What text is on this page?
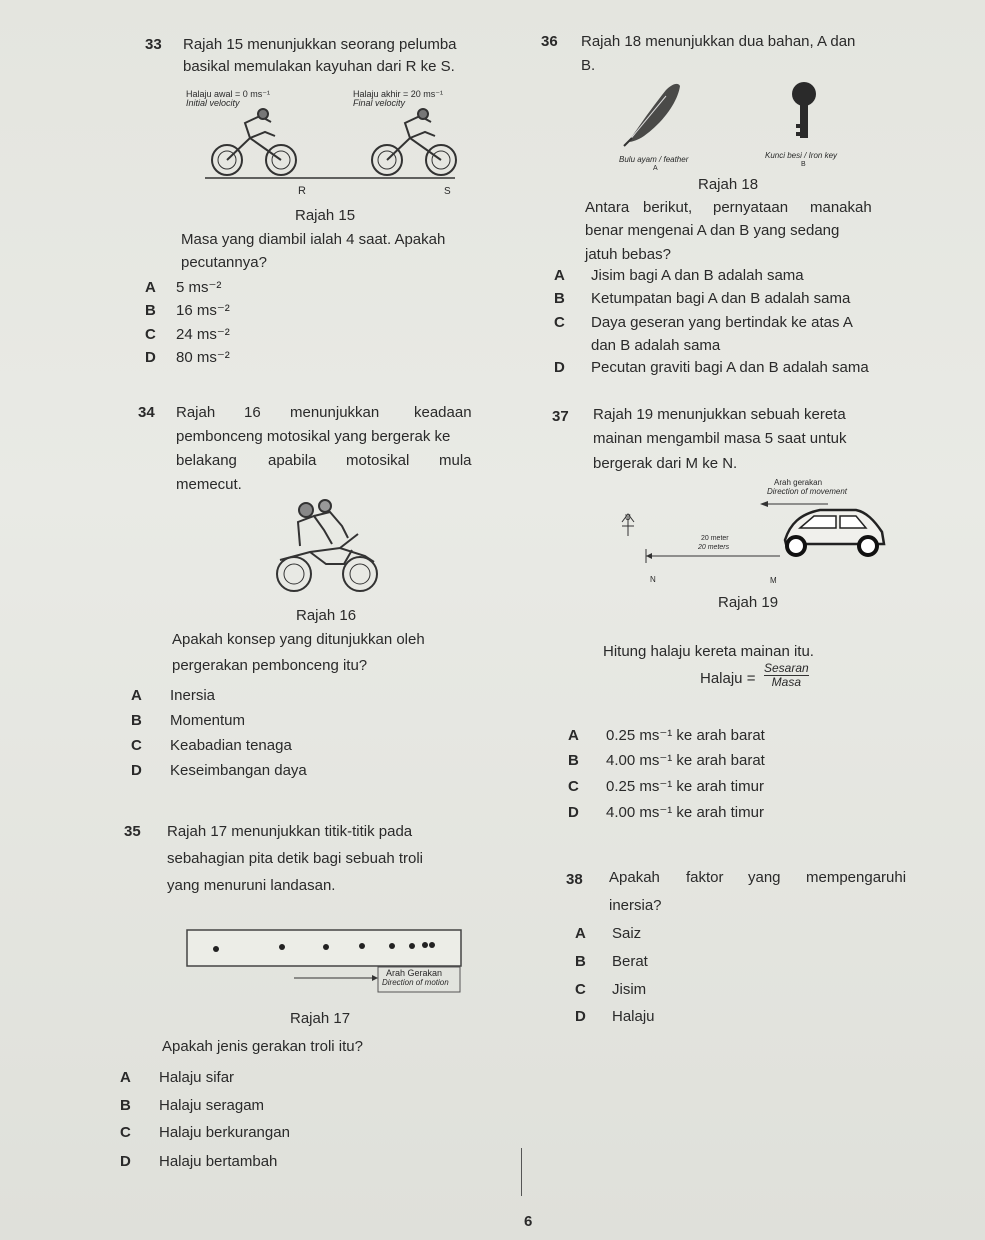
33 Rajah 15 menunjukkan seorang pelumba
basikal memulakan kayuhan dari R ke S.
Halaju awal = 0 ms⁻¹
Initial velocity
Halaju akhir = 20 ms⁻¹
Final velocity
R	S
Rajah 15
Masa yang diambil ialah 4 saat. Apakah
pecutannya?
A 5 ms⁻²
B 16 ms⁻²
C 24 ms⁻²
D 80 ms⁻²
34 Rajah 16 menunjukkan keadaan
pembonceng motosikal yang bergerak ke
belakang apabila motosikal mula
memecut.
Rajah 16
Apakah konsep yang ditunjukkan oleh
pergerakan pembonceng itu?
A Inersia
B Momentum
C Keabadian tenaga
D Keseimbangan daya
35 Rajah 17 menunjukkan titik-titik pada
sebahagian pita detik bagi sebuah troli
yang menuruni landasan.
Arah Gerakan
Direction of motion
Rajah 17
Apakah jenis gerakan troli itu?
A Halaju sifar
B Halaju seragam
C Halaju berkurangan
D Halaju bertambah
36 Rajah 18 menunjukkan dua bahan, A dan
B.
Bulu ayam / feather
A
Kunci besi / Iron key
B
Rajah 18
Antara berikut, pernyataan manakah
benar mengenai A dan B yang sedang
jatuh bebas?
A Jisim bagi A dan B adalah sama
B Ketumpatan bagi A dan B adalah sama
C Daya geseran yang bertindak ke atas A
dan B adalah sama
D Pecutan graviti bagi A dan B adalah sama
37 Rajah 19 menunjukkan sebuah kereta
mainan mengambil masa 5 saat untuk
bergerak dari M ke N.
Arah gerakan
Direction of movement
U
20 meter
20 meters
N	M
Rajah 19
Hitung halaju kereta mainan itu.
Halaju =
Sesaran
Masa
A 0.25 ms⁻¹ ke arah barat
B 4.00 ms⁻¹ ke arah barat
C 0.25 ms⁻¹ ke arah timur
D 4.00 ms⁻¹ ke arah timur
38 Apakah faktor yang mempengaruhi
inersia?
A Saiz
B Berat
C Jisim
D Halaju
6
